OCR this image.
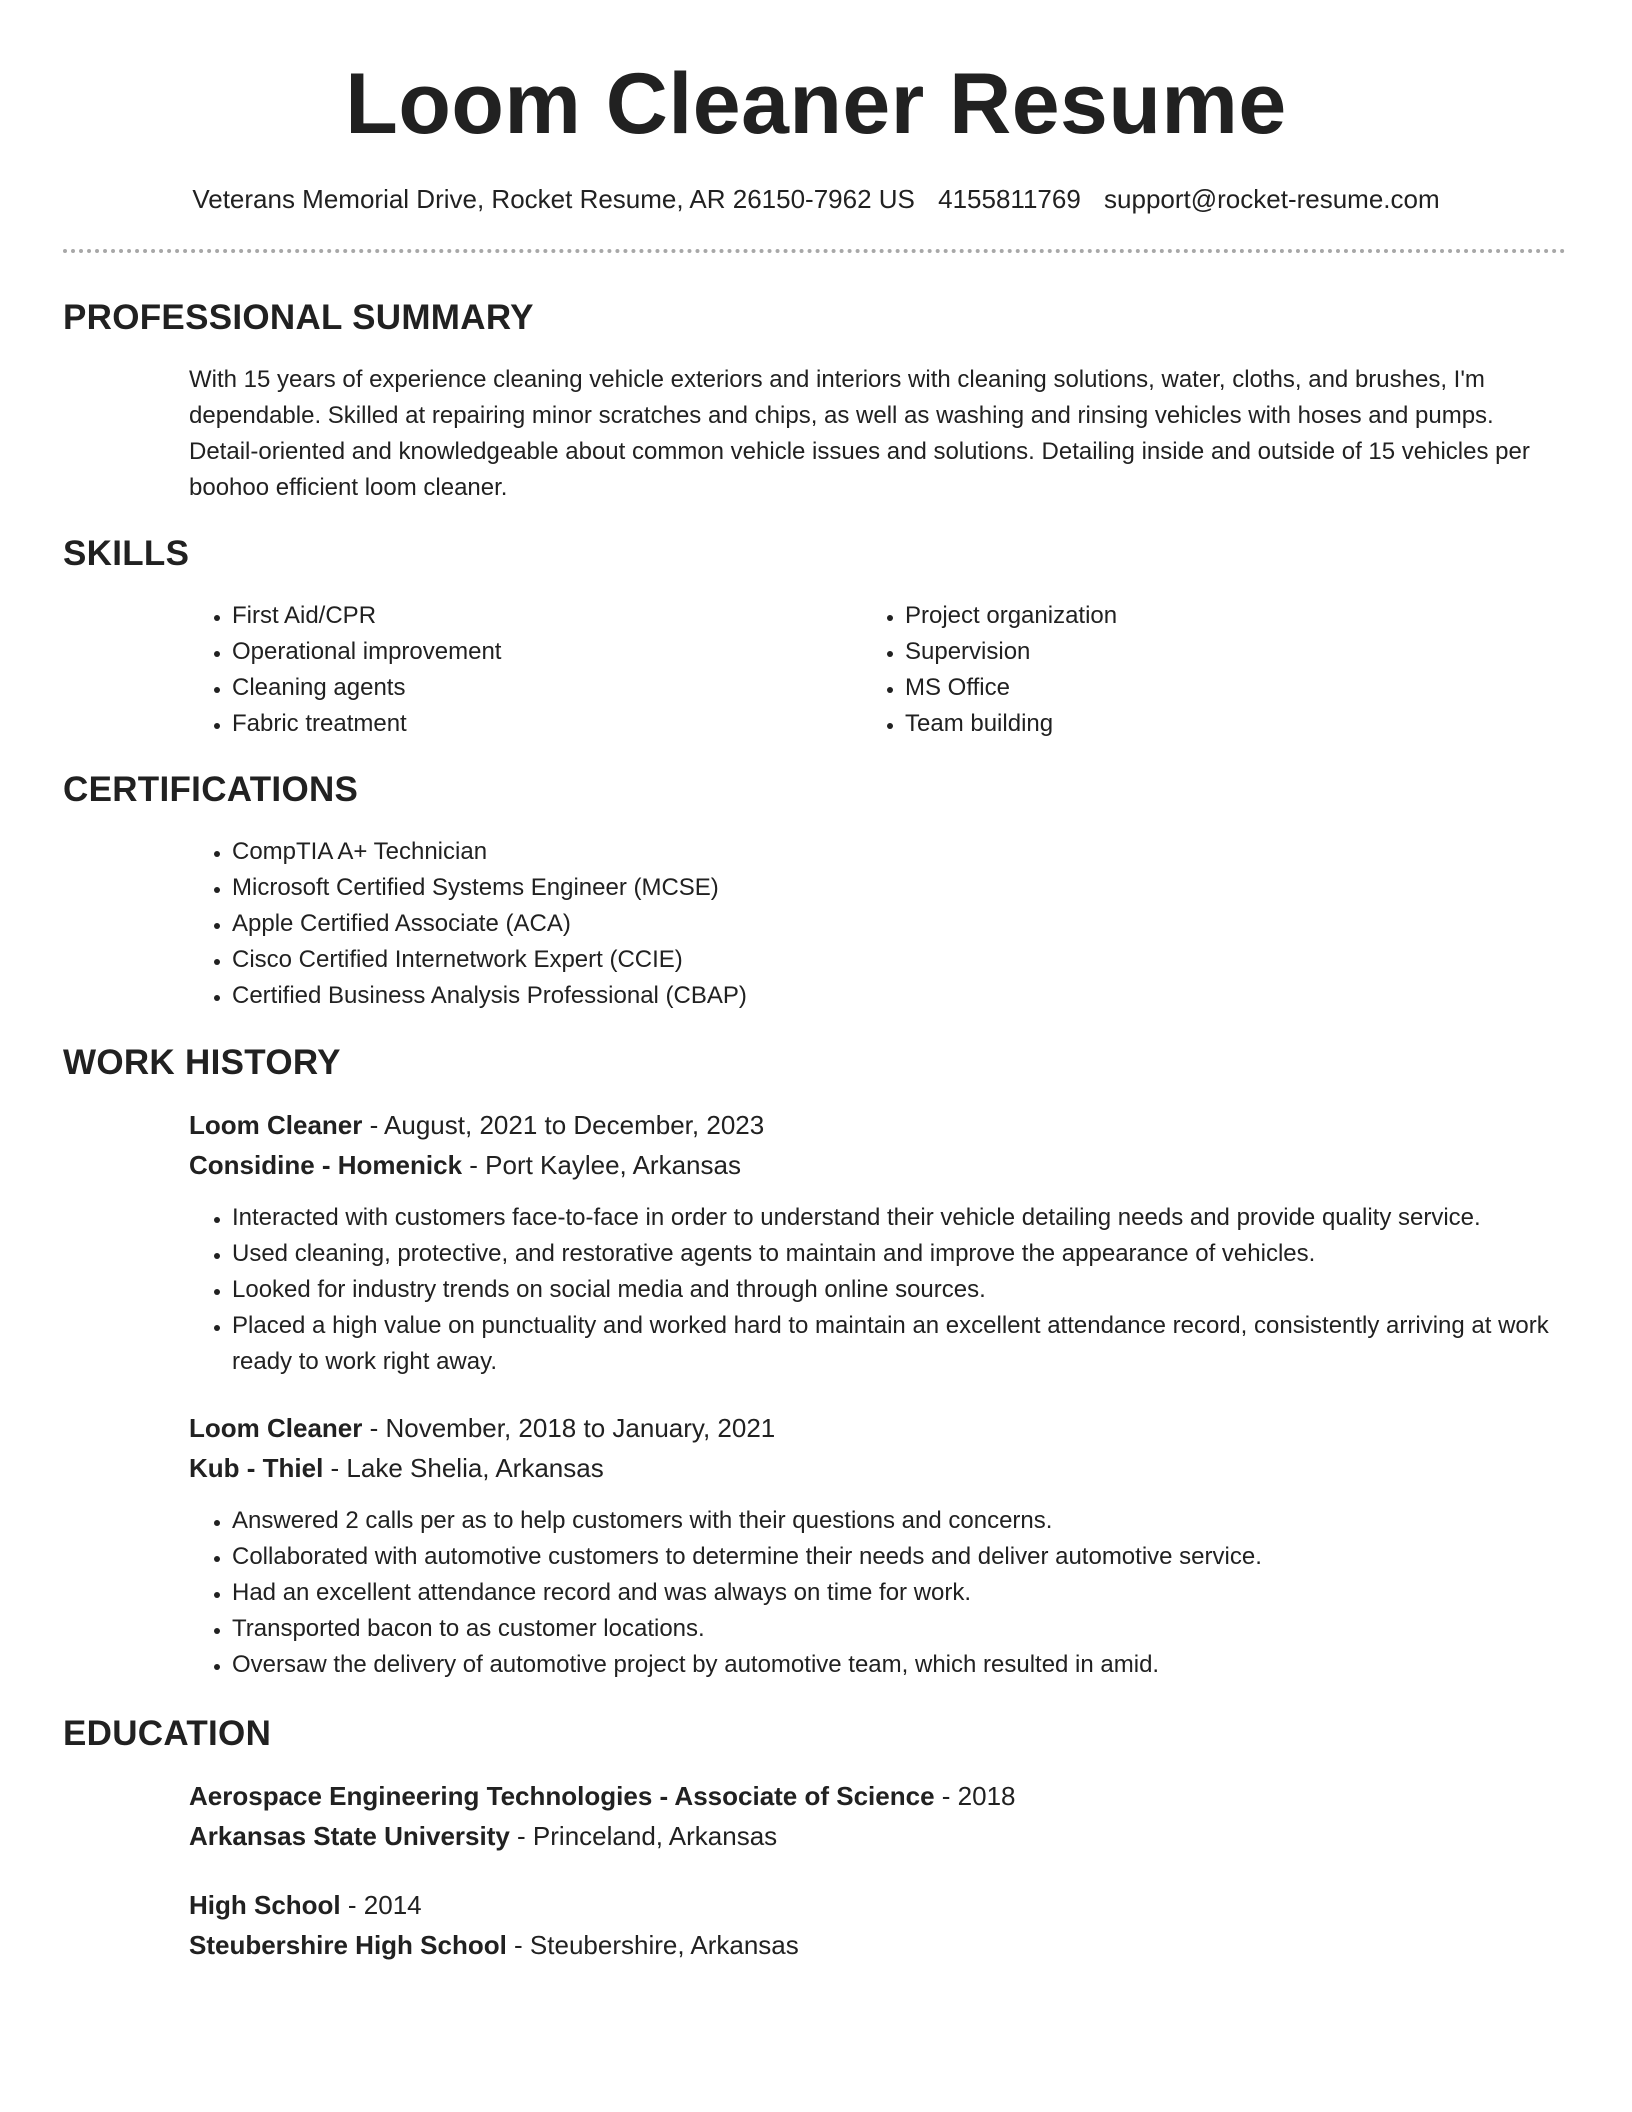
Loom Cleaner Resume
Veterans Memorial Drive, Rocket Resume, AR 26150-7962 US 4155811769 support@rocket-resume.com
PROFESSIONAL SUMMARY
With 15 years of experience cleaning vehicle exteriors and interiors with cleaning solutions, water, cloths, and brushes, I'm dependable. Skilled at repairing minor scratches and chips, as well as washing and rinsing vehicles with hoses and pumps. Detail-oriented and knowledgeable about common vehicle issues and solutions. Detailing inside and outside of 15 vehicles per boohoo efficient loom cleaner.
SKILLS
• First Aid/CPR
• Operational improvement
• Cleaning agents
• Fabric treatment
• Project organization
• Supervision
• MS Office
• Team building
CERTIFICATIONS
• CompTIA A+ Technician
• Microsoft Certified Systems Engineer (MCSE)
• Apple Certified Associate (ACA)
• Cisco Certified Internetwork Expert (CCIE)
• Certified Business Analysis Professional (CBAP)
WORK HISTORY
Loom Cleaner - August, 2021 to December, 2023
Considine - Homenick - Port Kaylee, Arkansas
• Interacted with customers face-to-face in order to understand their vehicle detailing needs and provide quality service.
• Used cleaning, protective, and restorative agents to maintain and improve the appearance of vehicles.
• Looked for industry trends on social media and through online sources.
• Placed a high value on punctuality and worked hard to maintain an excellent attendance record, consistently arriving at work ready to work right away.
Loom Cleaner - November, 2018 to January, 2021
Kub - Thiel - Lake Shelia, Arkansas
• Answered 2 calls per as to help customers with their questions and concerns.
• Collaborated with automotive customers to determine their needs and deliver automotive service.
• Had an excellent attendance record and was always on time for work.
• Transported bacon to as customer locations.
• Oversaw the delivery of automotive project by automotive team, which resulted in amid.
EDUCATION
Aerospace Engineering Technologies - Associate of Science - 2018
Arkansas State University - Princeland, Arkansas
High School - 2014
Steubershire High School - Steubershire, Arkansas
